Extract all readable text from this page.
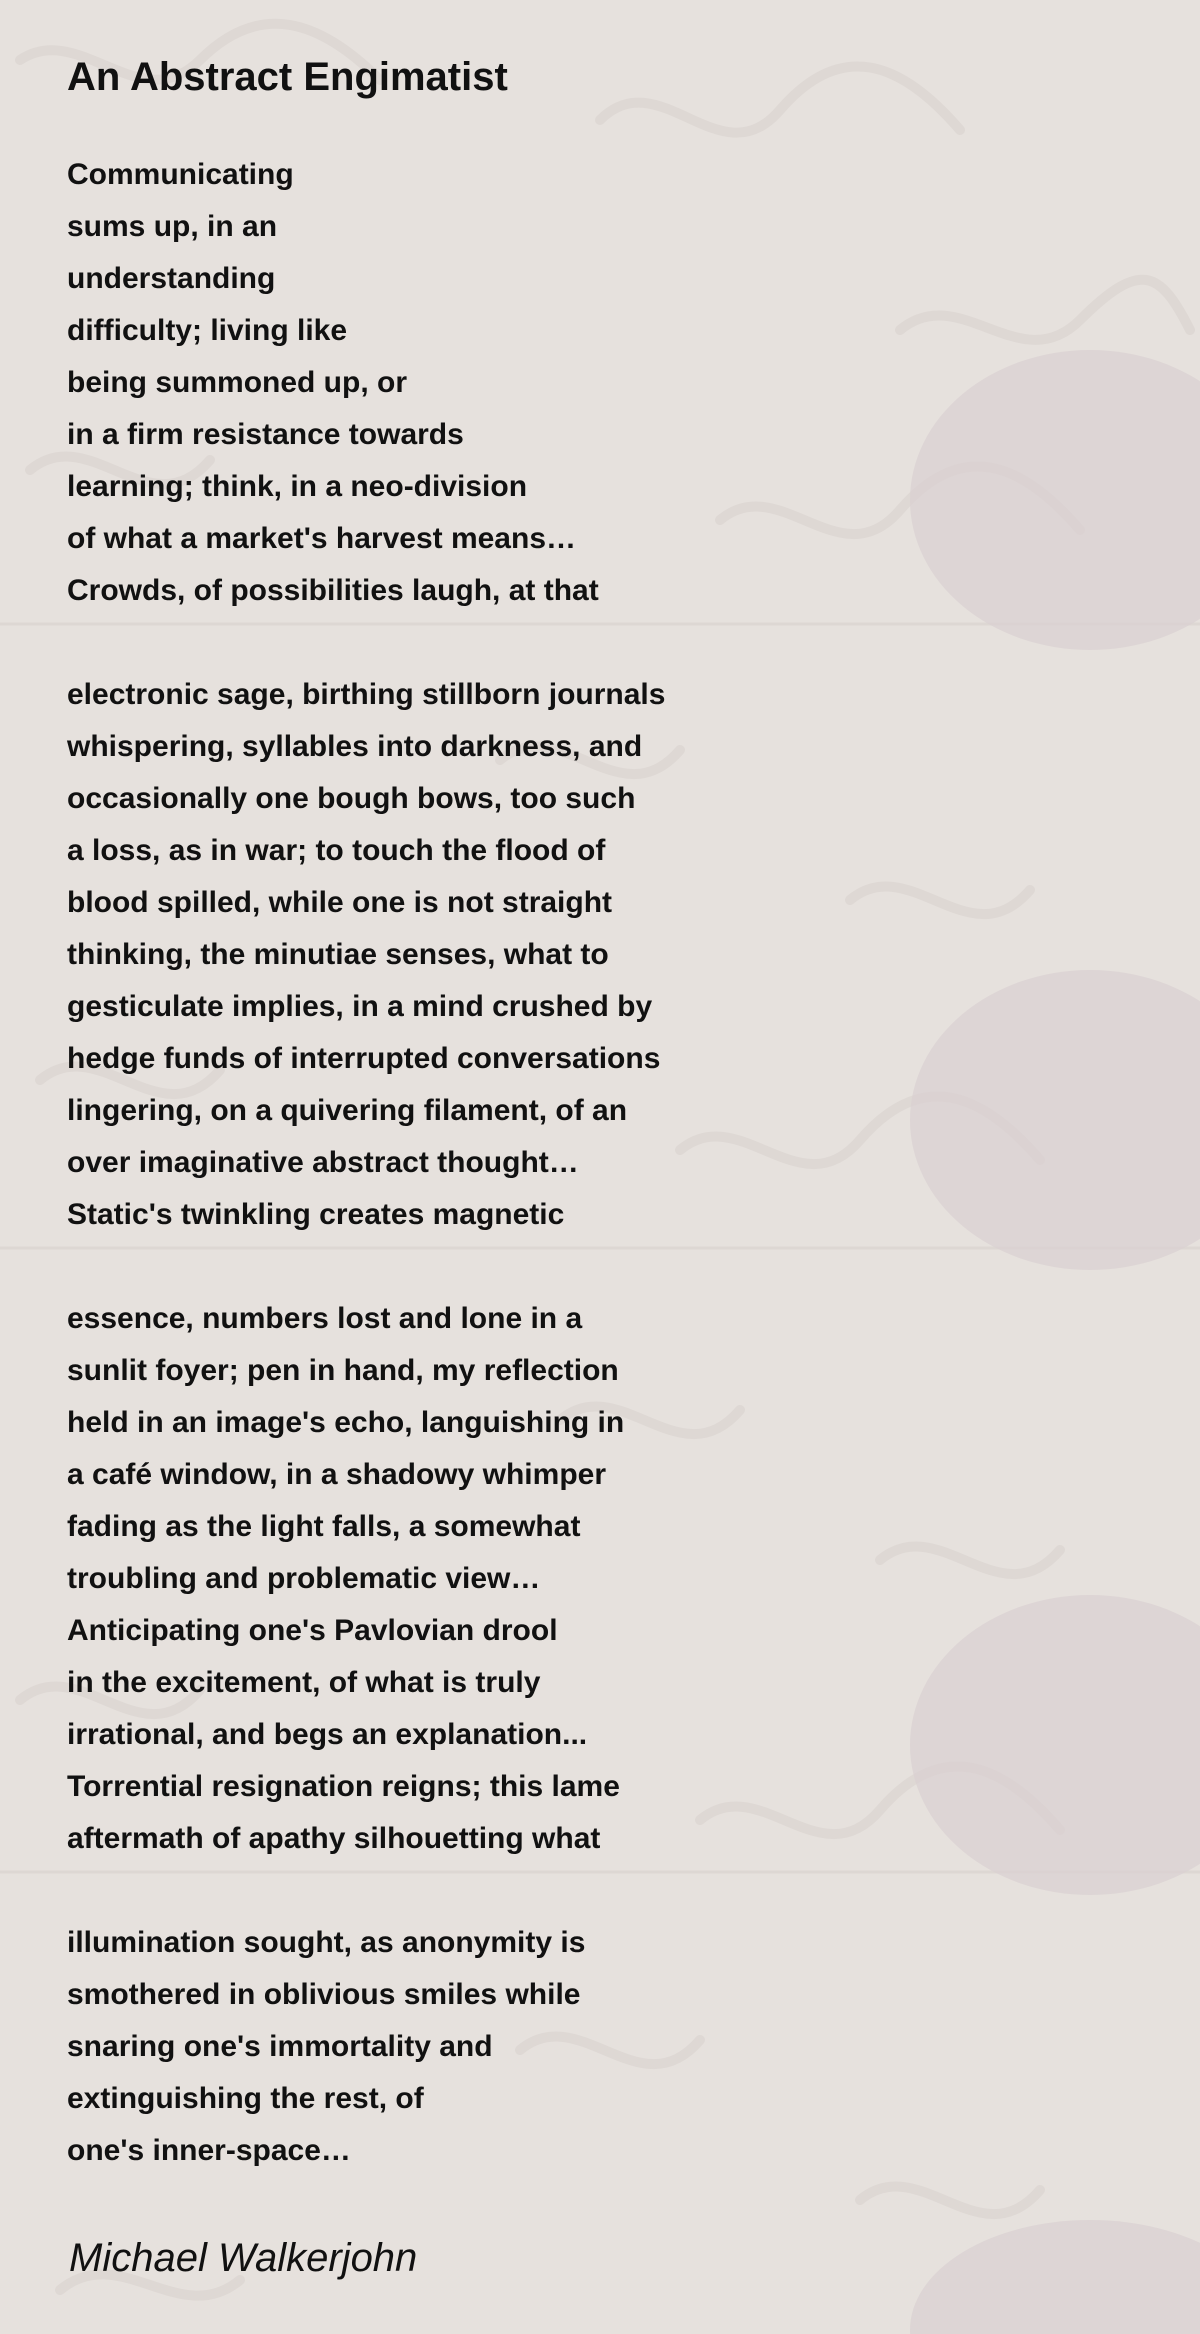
An Abstract Engimatist
Communicating
sums up, in an
understanding
difficulty; living like
being summoned up, or
in a firm resistance towards
learning; think, in a neo-division
of what a market's harvest means…
Crowds, of possibilities laugh, at that
electronic sage, birthing stillborn journals
whispering, syllables into darkness, and
occasionally one bough bows, too such
a loss, as in war; to touch the flood of
blood spilled, while one is not straight
thinking, the minutiae senses, what to
gesticulate implies, in a mind crushed by
hedge funds of interrupted conversations
lingering, on a quivering filament, of an
over imaginative abstract thought…
Static's twinkling creates magnetic
essence, numbers lost and lone in a
sunlit foyer; pen in hand, my reflection
held in an image's echo, languishing in
a café window, in a shadowy whimper
fading as the light falls, a somewhat
troubling and problematic view…
Anticipating one's Pavlovian drool
in the excitement, of what is truly
irrational, and begs an explanation...
Torrential resignation reigns; this lame
aftermath of apathy silhouetting what
illumination sought, as anonymity is
smothered in oblivious smiles while
snaring one's immortality and
extinguishing the rest, of
one's inner-space…
Michael Walkerjohn
